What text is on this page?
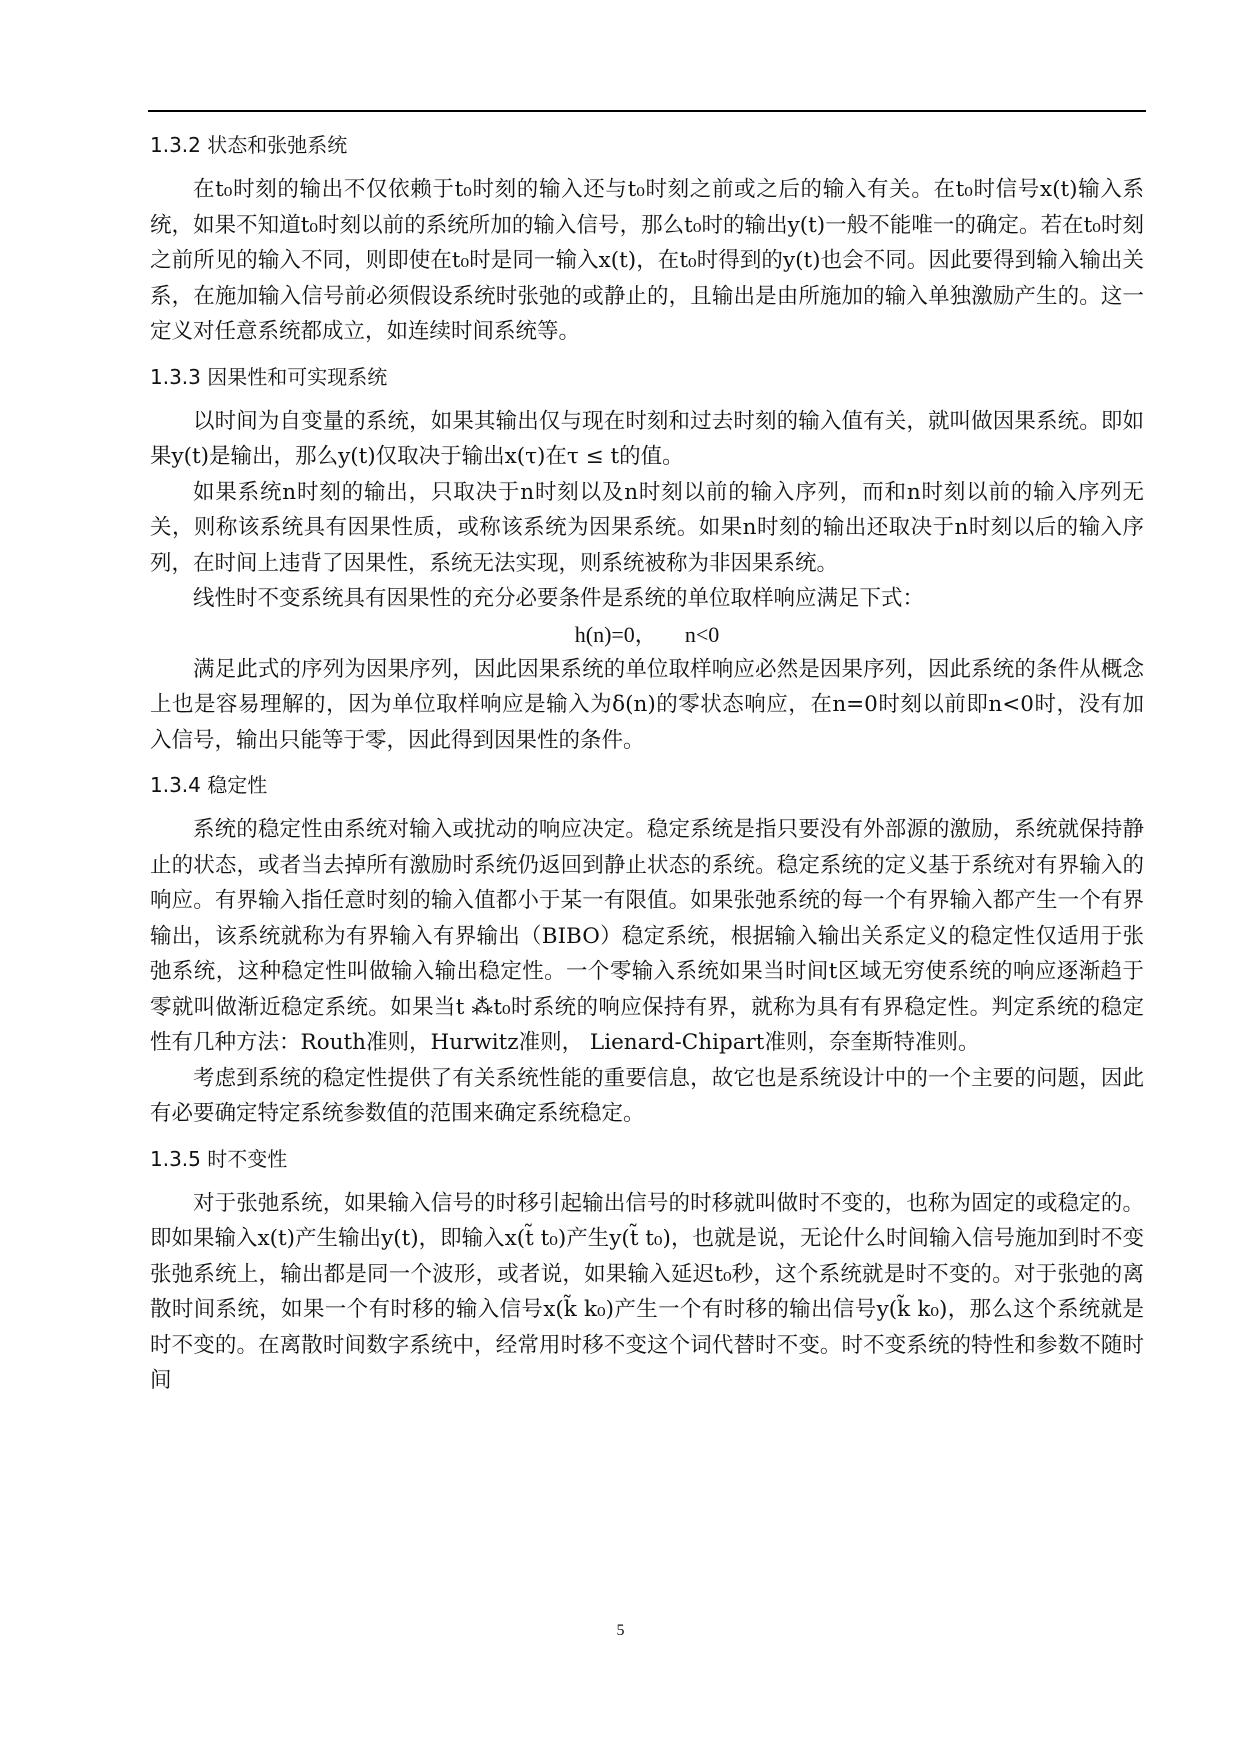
1.3.2 状态和张弛系统

在t₀时刻的输出不仅依赖于t₀时刻的输入还与t₀时刻之前或之后的输入有关。在t₀时信号x(t)输入系统，如果不知道t₀时刻以前的系统所加的输入信号，那么t₀时的输出y(t)一般不能唯一的确定。若在t₀时刻之前所见的输入不同，则即使在t₀时是同一输入x(t)，在t₀时得到的y(t)也会不同。因此要得到输入输出关系，在施加输入信号前必须假设系统时张弛的或静止的，且输出是由所施加的输入单独激励产生的。这一定义对任意系统都成立，如连续时间系统等。

1.3.3 因果性和可实现系统

以时间为自变量的系统，如果其输出仅与现在时刻和过去时刻的输入值有关，就叫做因果系统。即如果y(t)是输出，那么y(t)仅取决于输出x(τ)在τ ≤ t的值。

如果系统n时刻的输出，只取决于n时刻以及n时刻以前的输入序列，而和n时刻以前的输入序列无关，则称该系统具有因果性质，或称该系统为因果系统。如果n时刻的输出还取决于n时刻以后的输入序列，在时间上违背了因果性，系统无法实现，则系统被称为非因果系统。

线性时不变系统具有因果性的充分必要条件是系统的单位取样响应满足下式：

h(n)=0， n<0

满足此式的序列为因果序列，因此因果系统的单位取样响应必然是因果序列，因此系统的条件从概念上也是容易理解的，因为单位取样响应是输入为δ(n)的零状态响应，在n=0时刻以前即n<0时，没有加入信号，输出只能等于零，因此得到因果性的条件。

1.3.4 稳定性

系统的稳定性由系统对输入或扰动的响应决定。稳定系统是指只要没有外部源的激励，系统就保持静止的状态，或者当去掉所有激励时系统仍返回到静止状态的系统。稳定系统的定义基于系统对有界输入的响应。有界输入指任意时刻的输入值都小于某一有限值。如果张弛系统的每一个有界输入都产生一个有界输出，该系统就称为有界输入有界输出（BIBO）稳定系统，根据输入输出关系定义的稳定性仅适用于张弛系统，这种稳定性叫做输入输出稳定性。一个零输入系统如果当时间t区域无穷使系统的响应逐渐趋于零就叫做渐近稳定系统。如果当t ⁂t₀时系统的响应保持有界，就称为具有有界稳定性。判定系统的稳定性有几种方法：Routh准则，Hurwitz准则， Lienard-Chipart准则，奈奎斯特准则。

考虑到系统的稳定性提供了有关系统性能的重要信息，故它也是系统设计中的一个主要的问题，因此有必要确定特定系统参数值的范围来确定系统稳定。

1.3.5 时不变性

对于张弛系统，如果输入信号的时移引起输出信号的时移就叫做时不变的，也称为固定的或稳定的。即如果输入x(t)产生输出y(t)，即输入x(t̃ t₀)产生y(t̃ t₀)，也就是说，无论什么时间输入信号施加到时不变张弛系统上，输出都是同一个波形，或者说，如果输入延迟t₀秒，这个系统就是时不变的。对于张弛的离散时间系统，如果一个有时移的输入信号x(k̃ k₀)产生一个有时移的输出信号y(k̃ k₀)，那么这个系统就是时不变的。在离散时间数字系统中，经常用时移不变这个词代替时不变。时不变系统的特性和参数不随时间

5
